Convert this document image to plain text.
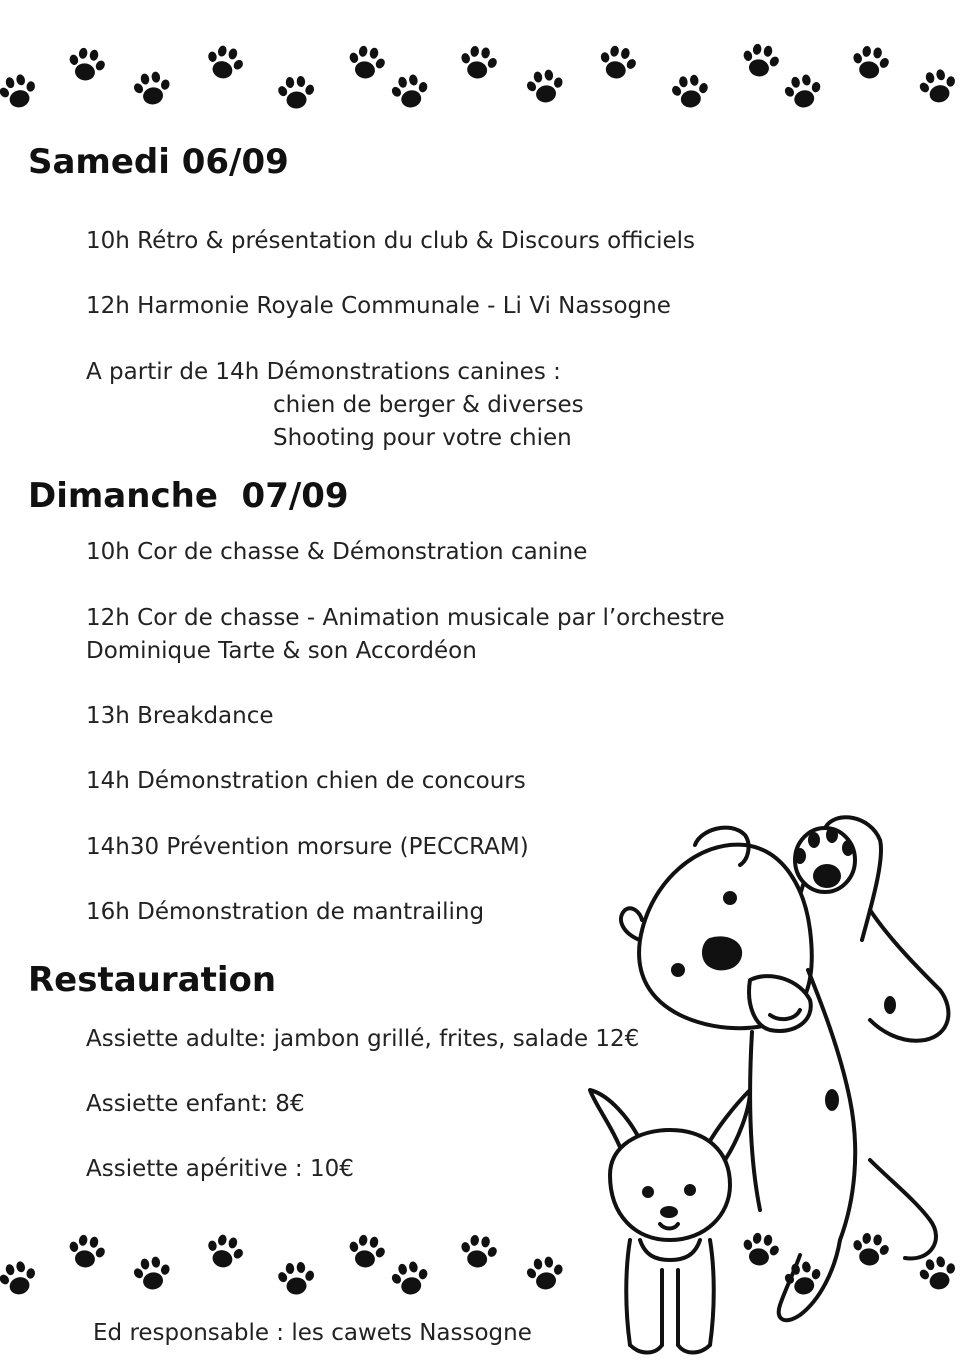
Samedi 06/09

10h Rétro & présentation du club & Discours officiels

12h Harmonie Royale Communale - Li Vi Nassogne

A partir de 14h Démonstrations canines :

chien de berger & diverses

Shooting pour votre chien

Dimanche  07/09

10h Cor de chasse & Démonstration canine

12h Cor de chasse - Animation musicale par l’orchestre

Dominique Tarte & son Accordéon

13h Breakdance

14h Démonstration chien de concours

14h30 Prévention morsure (PECCRAM)

16h Démonstration de mantrailing

Restauration

Assiette adulte: jambon grillé, frites, salade 12€

Assiette enfant: 8€

Assiette apéritive : 10€

Ed responsable : les cawets Nassogne
